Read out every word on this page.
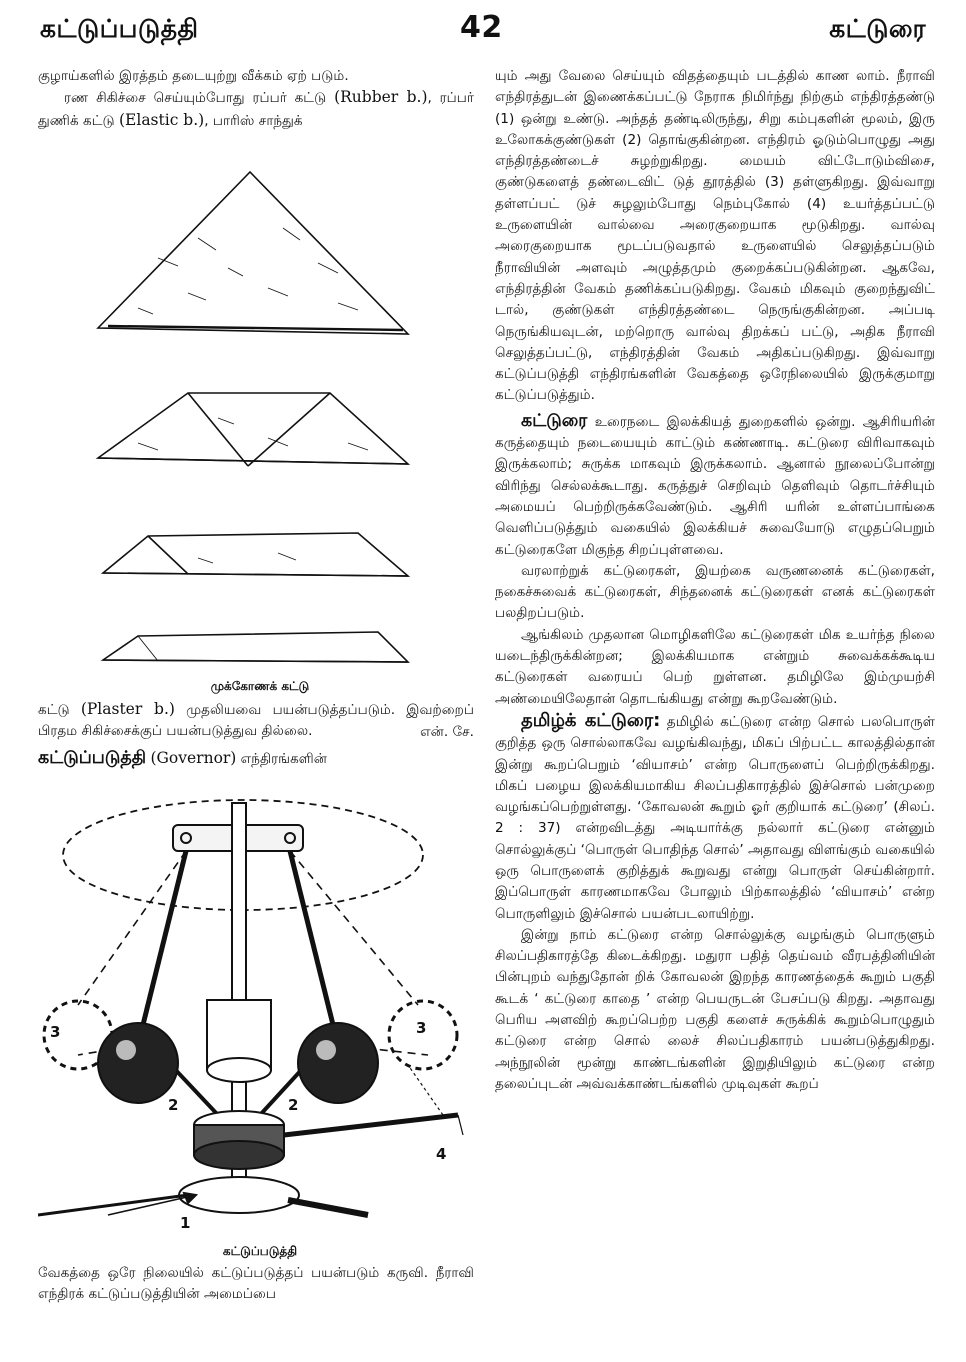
கட்டுப்படுத்தி	42	கட்டுரை

குழாய்களில் இரத்தம் தடையுற்று வீக்கம் ஏற் படும்.

ரண சிகிச்சை செய்யும்போது ரப்பர் கட்டு (Rubber b.), ரப்பர் துணிக் கட்டு (Elastic b.), பாரிஸ் சாந்துக்

முக்கோணக் கட்டு

கட்டு (Plaster b.) முதலியவை பயன்படுத்தப்படும். இவற்றைப் பிரதம சிகிச்சைக்குப் பயன்படுத்துவ தில்லை.	என். சே.

கட்டுப்படுத்தி (Governor) எந்திரங்களின்

3	3
2	2
4
1
கட்டுப்படுத்தி

வேகத்தை ஒரே நிலையில் கட்டுப்படுத்தப் பயன்படும் கருவி. நீராவி எந்திரக் கட்டுப்படுத்தியின் அமைப்பை

யும் அது வேலை செய்யும் விதத்தையும் படத்தில் காண லாம். நீராவி எந்திரத்துடன் இணைக்கப்பட்டு நேராக நிமிர்ந்து நிற்கும் எந்திரத்தண்டு (1) ஒன்று உண்டு. அந்தத் தண்டிலிருந்து, சிறு கம்புகளின் மூலம், இரு உலோகக்குண்டுகள் (2) தொங்குகின்றன. எந்திரம் ஓடும்பொழுது அது எந்திரத்தண்டைச் சுழற்றுகிறது. மையம் விட்டோடும்விசை, குண்டுகளைத் தண்டைவிட் டுத் தூரத்தில் (3) தள்ளுகிறது. இவ்வாறு தள்ளப்பட் டுச் சுழலும்போது நெம்புகோல் (4) உயர்த்தப்பட்டு உருளையின் வால்வை அரைகுறையாக மூடுகிறது. வால்வு அரைகுறையாக மூடப்படுவதால் உருளையில் செலுத்தப்படும் நீராவியின் அளவும் அழுத்தமும் குறைக்கப்படுகின்றன. ஆகவே, எந்திரத்தின் வேகம் தணிக்கப்படுகிறது. வேகம் மிகவும் குறைந்துவிட் டால், குண்டுகள் எந்திரத்தண்டை நெருங்குகின்றன. அப்படி நெருங்கியவுடன், மற்றொரு வால்வு திறக்கப் பட்டு, அதிக நீராவி செலுத்தப்பட்டு, எந்திரத்தின் வேகம் அதிகப்படுகிறது. இவ்வாறு கட்டுப்படுத்தி எந்திரங்களின் வேகத்தை ஒரேநிலையில் இருக்குமாறு கட்டுப்படுத்தும்.

கட்டுரை உரைநடை இலக்கியத் துறைகளில் ஒன்று. ஆசிரியரின் கருத்தையும் நடையையும் காட்டும் கண்ணாடி. கட்டுரை விரிவாகவும் இருக்கலாம்; சுருக்க மாகவும் இருக்கலாம். ஆனால் நூலைப்போன்று விரிந்து செல்லக்கூடாது. கருத்துச் செறிவும் தெளிவும் தொடர்ச்சியும் அமையப் பெற்றிருக்கவேண்டும். ஆசிரி யரின் உள்ளப்பாங்கை வெளிப்படுத்தும் வகையில் இலக்கியச் சுவையோடு எழுதப்பெறும் கட்டுரைகளே மிகுந்த சிறப்புள்ளவை.

வரலாற்றுக் கட்டுரைகள், இயற்கை வருணனைக் கட்டுரைகள், நகைச்சுவைக் கட்டுரைகள், சிந்தனைக் கட்டுரைகள் எனக் கட்டுரைகள் பலதிறப்படும்.

ஆங்கிலம் முதலான மொழிகளிலே கட்டுரைகள் மிக உயர்ந்த நிலை யடைந்திருக்கின்றன; இலக்கியமாக என்றும் சுவைக்கக்கூடிய கட்டுரைகள் வரையப் பெற் றுள்ளன. தமிழிலே இம்முயற்சி அண்மையிலேதான் தொடங்கியது என்று கூறவேண்டும்.

தமிழ்க் கட்டுரை: தமிழில் கட்டுரை என்ற சொல் பலபொருள் குறித்த ஒரு சொல்லாகவே வழங்கிவந்து, மிகப் பிற்பட்ட காலத்தில்தான் இன்று கூறப்பெறும் ‘வியாசம்’ என்ற பொருளைப் பெற்றிருக்கிறது. மிகப் பழைய இலக்கியமாகிய சிலப்பதிகாரத்தில் இச்சொல் பன்முறை வழங்கப்பெற்றுள்ளது. ‘கோவலன் கூறும் ஓர் குறியாக் கட்டுரை’ (சிலப். 2 : 37) என்றவிடத்து அடியார்க்கு நல்லார் கட்டுரை என்னும் சொல்லுக்குப் ‘பொருள் பொதிந்த சொல்’ அதாவது விளங்கும் வகையில் ஒரு பொருளைக் குறித்துக் கூறுவது என்று பொருள் செய்கின்றார். இப்பொருள் காரணமாகவே போலும் பிற்காலத்தில் ‘வியாசம்’ என்ற பொருளிலும் இச்சொல் பயன்படலாயிற்று.

இன்று நாம் கட்டுரை என்ற சொல்லுக்கு வழங்கும் பொருளும் சிலப்பதிகாரத்தே கிடைக்கிறது. மதுரா பதித் தெய்வம் வீரபத்தினியின் பின்புறம் வந்துதோன் றிக் கோவலன் இறந்த காரணத்தைக் கூறும் பகுதி கூடக் ‘ கட்டுரை காதை ’ என்ற பெயருடன் பேசப்படு கிறது. அதாவது பெரிய அளவிற் கூறப்பெற்ற பகுதி களைச் சுருக்கிக் கூறும்பொழுதும் கட்டுரை என்ற சொல் லைச் சிலப்பதிகாரம் பயன்படுத்துகிறது. அந்நூலின் மூன்று காண்டங்களின் இறுதியிலும் கட்டுரை என்ற தலைப்புடன் அவ்வக்காண்டங்களில் முடிவுகள் கூறப்
